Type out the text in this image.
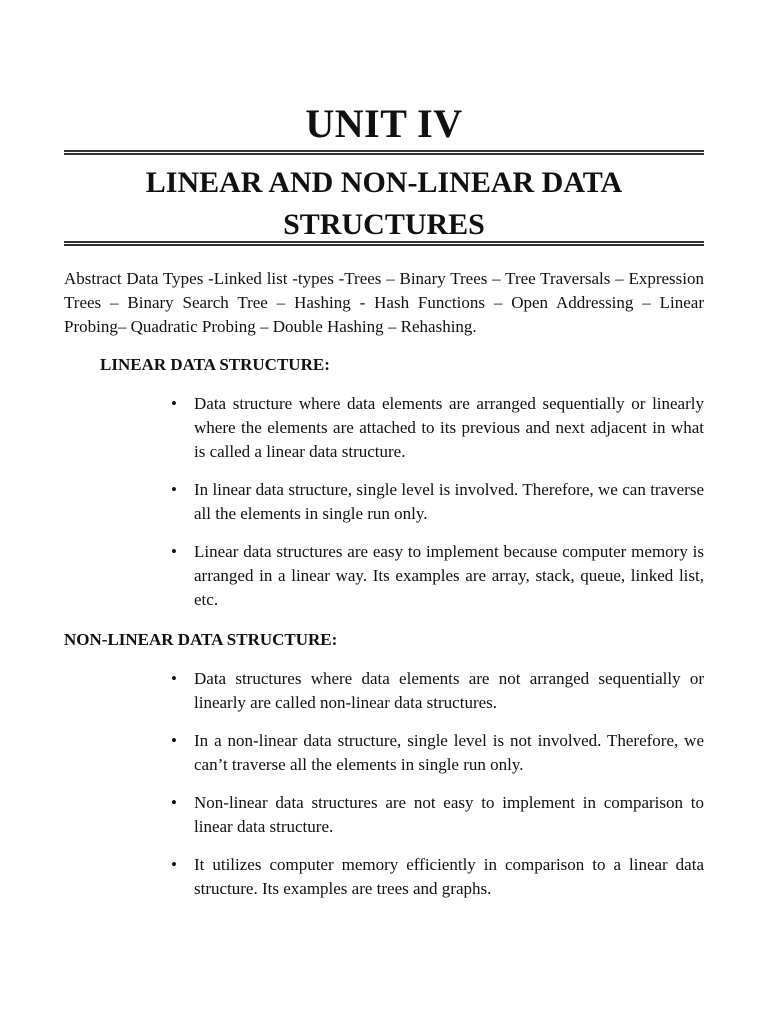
UNIT IV
LINEAR AND NON-LINEAR DATA
STRUCTURES
Abstract Data Types -Linked list -types -Trees – Binary Trees – Tree Traversals – Expression Trees – Binary Search Tree – Hashing - Hash Functions – Open Addressing – Linear Probing– Quadratic Probing – Double Hashing – Rehashing.
LINEAR DATA STRUCTURE:
• Data structure where data elements are arranged sequentially or linearly where the elements are attached to its previous and next adjacent in what is called a linear data structure.
• In linear data structure, single level is involved. Therefore, we can traverse all the elements in single run only.
• Linear data structures are easy to implement because computer memory is arranged in a linear way. Its examples are array, stack, queue, linked list, etc.
NON-LINEAR DATA STRUCTURE:
• Data structures where data elements are not arranged sequentially or linearly are called non-linear data structures.
• In a non-linear data structure, single level is not involved. Therefore, we can’t traverse all the elements in single run only.
• Non-linear data structures are not easy to implement in comparison to linear data structure.
• It utilizes computer memory efficiently in comparison to a linear data structure. Its examples are trees and graphs.
